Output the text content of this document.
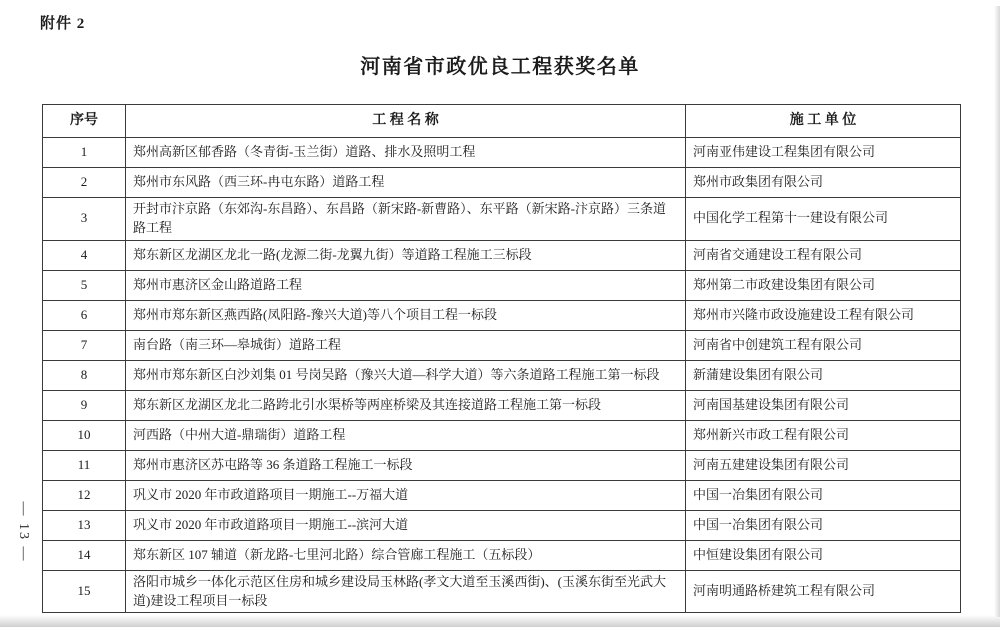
附件 2
河南省市政优良工程获奖名单
序号	工 程 名 称	施 工 单 位
1	郑州高新区郁香路（冬青街-玉兰街）道路、排水及照明工程	河南亚伟建设工程集团有限公司
2	郑州市东风路（西三环-冉屯东路）道路工程	郑州市政集团有限公司
3	开封市汴京路（东郊沟-东昌路）、东昌路（新宋路-新曹路）、东平路（新宋路-汴京路）三条道路工程	中国化学工程第十一建设有限公司
4	郑东新区龙湖区龙北一路(龙源二街-龙翼九街）等道路工程施工三标段	河南省交通建设工程有限公司
5	郑州市惠济区金山路道路工程	郑州第二市政建设集团有限公司
6	郑州市郑东新区燕西路(凤阳路-豫兴大道)等八个项目工程一标段	郑州市兴隆市政设施建设工程有限公司
7	南台路（南三环—皋城街）道路工程	河南省中创建筑工程有限公司
8	郑州市郑东新区白沙刘集 01 号岗吴路（豫兴大道—科学大道）等六条道路工程施工第一标段	新蒲建设集团有限公司
9	郑东新区龙湖区龙北二路跨北引水渠桥等两座桥梁及其连接道路工程施工第一标段	河南国基建设集团有限公司
10	河西路（中州大道-鼎瑞街）道路工程	郑州新兴市政工程有限公司
11	郑州市惠济区苏屯路等 36 条道路工程施工一标段	河南五建建设集团有限公司
12	巩义市 2020 年市政道路项目一期施工--万福大道	中国一冶集团有限公司
13	巩义市 2020 年市政道路项目一期施工--滨河大道	中国一冶集团有限公司
14	郑东新区 107 辅道（新龙路-七里河北路）综合管廊工程施工（五标段）	中恒建设集团有限公司
15	洛阳市城乡一体化示范区住房和城乡建设局玉林路(孝文大道至玉溪西街)、(玉溪东街至光武大道)建设工程项目一标段	河南明通路桥建筑工程有限公司
— 13 —
